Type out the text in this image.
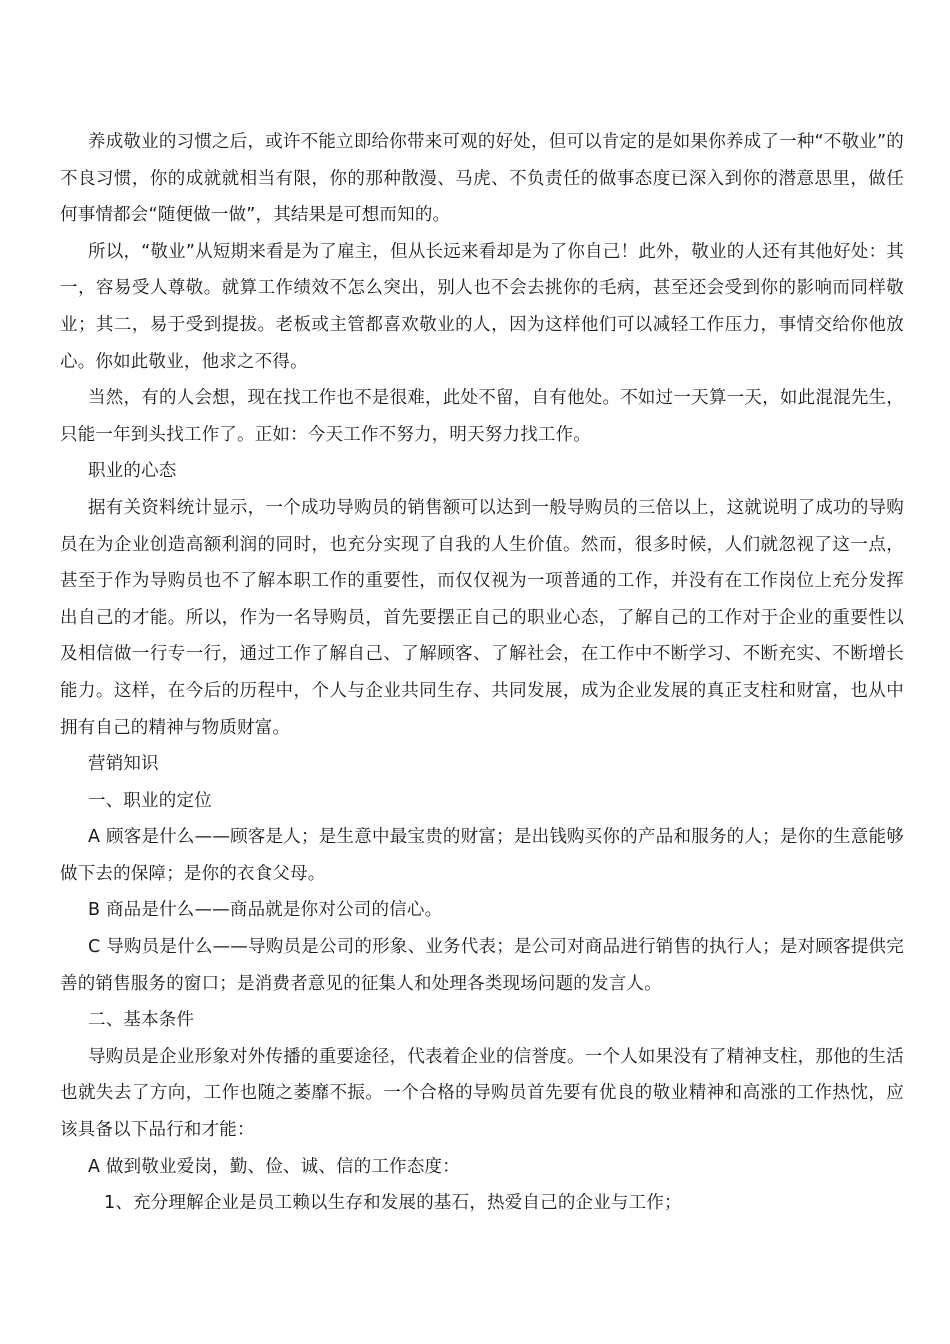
养成敬业的习惯之后，或许不能立即给你带来可观的好处，但可以肯定的是如果你养成了一种“不敬业”的不良习惯，你的成就就相当有限，你的那种散漫、马虎、不负责任的做事态度已深入到你的潜意思里，做任何事情都会“随便做一做”，其结果是可想而知的。

所以，“敬业”从短期来看是为了雇主，但从长远来看却是为了你自己！此外，敬业的人还有其他好处：其一，容易受人尊敬。就算工作绩效不怎么突出，别人也不会去挑你的毛病，甚至还会受到你的影响而同样敬业；其二，易于受到提拔。老板或主管都喜欢敬业的人，因为这样他们可以减轻工作压力，事情交给你他放心。你如此敬业，他求之不得。

当然，有的人会想，现在找工作也不是很难，此处不留，自有他处。不如过一天算一天，如此混混先生，只能一年到头找工作了。正如：今天工作不努力，明天努力找工作。

职业的心态

据有关资料统计显示，一个成功导购员的销售额可以达到一般导购员的三倍以上，这就说明了成功的导购员在为企业创造高额利润的同时，也充分实现了自我的人生价值。然而，很多时候，人们就忽视了这一点，甚至于作为导购员也不了解本职工作的重要性，而仅仅视为一项普通的工作，并没有在工作岗位上充分发挥出自己的才能。所以，作为一名导购员，首先要摆正自己的职业心态，了解自己的工作对于企业的重要性以及相信做一行专一行，通过工作了解自己、了解顾客、了解社会，在工作中不断学习、不断充实、不断增长能力。这样，在今后的历程中，个人与企业共同生存、共同发展，成为企业发展的真正支柱和财富，也从中拥有自己的精神与物质财富。

营销知识

一、职业的定位

A 顾客是什么——顾客是人；是生意中最宝贵的财富；是出钱购买你的产品和服务的人；是你的生意能够做下去的保障；是你的衣食父母。

B 商品是什么——商品就是你对公司的信心。

C 导购员是什么——导购员是公司的形象、业务代表；是公司对商品进行销售的执行人；是对顾客提供完善的销售服务的窗口；是消费者意见的征集人和处理各类现场问题的发言人。

二、基本条件

导购员是企业形象对外传播的重要途径，代表着企业的信誉度。一个人如果没有了精神支柱，那他的生活也就失去了方向，工作也随之萎靡不振。一个合格的导购员首先要有优良的敬业精神和高涨的工作热忱，应该具备以下品行和才能：

A 做到敬业爱岗，勤、俭、诚、信的工作态度：

1、充分理解企业是员工赖以生存和发展的基石，热爱自己的企业与工作；
